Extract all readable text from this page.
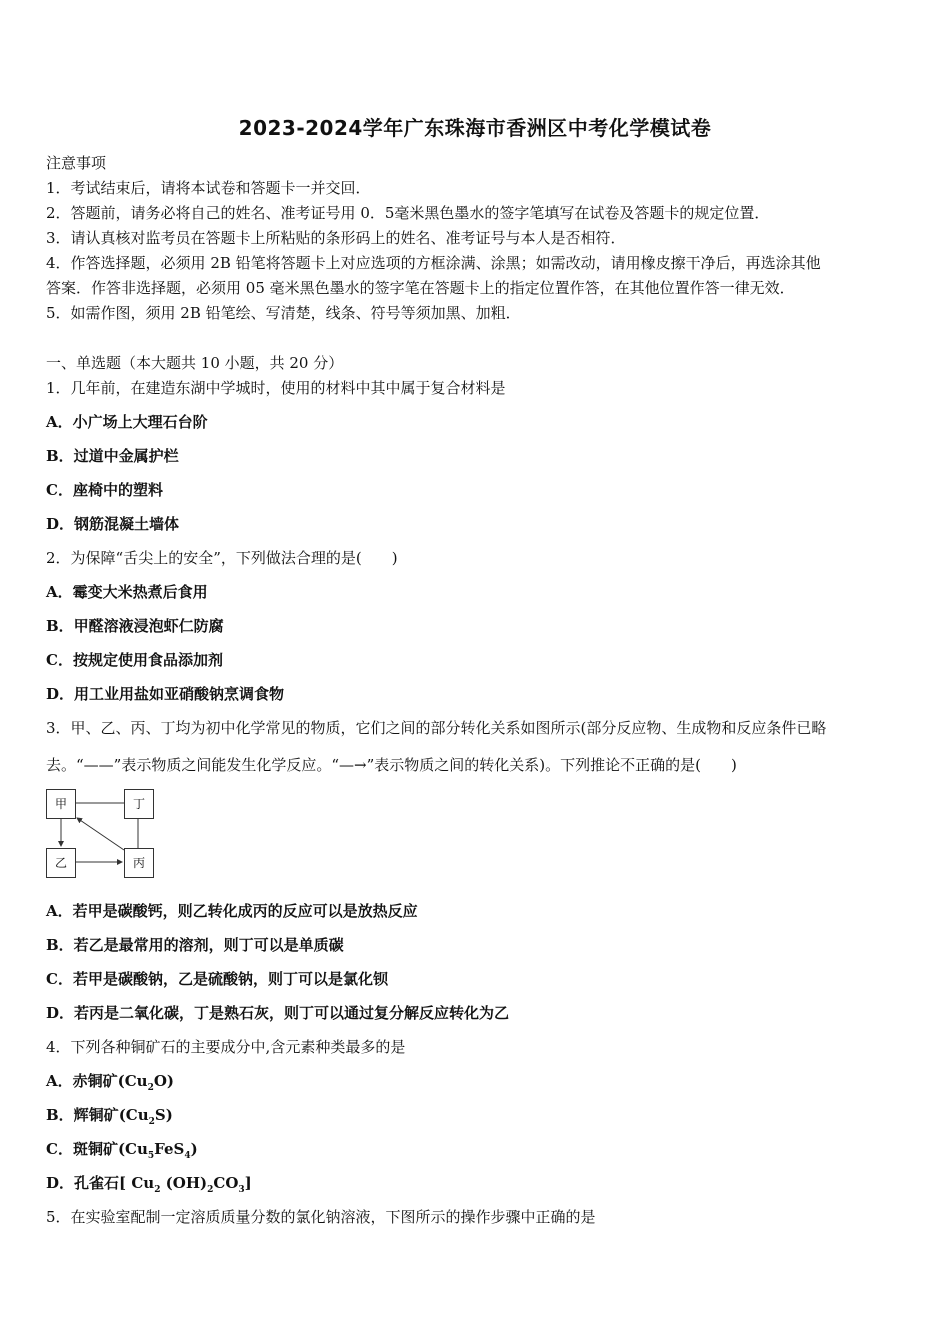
2023-2024学年广东珠海市香洲区中考化学模试卷
注意事项
1．考试结束后，请将本试卷和答题卡一并交回．
2．答题前，请务必将自己的姓名、准考证号用 0．5毫米黑色墨水的签字笔填写在试卷及答题卡的规定位置．
3．请认真核对监考员在答题卡上所粘贴的条形码上的姓名、准考证号与本人是否相符．
4．作答选择题，必须用 2B 铅笔将答题卡上对应选项的方框涂满、涂黑；如需改动，请用橡皮擦干净后，再选涂其他
答案．作答非选择题，必须用 05 毫米黑色墨水的签字笔在答题卡上的指定位置作答，在其他位置作答一律无效．
5．如需作图，须用 2B 铅笔绘、写清楚，线条、符号等须加黑、加粗．
一、单选题（本大题共 10 小题，共 20 分）
1．几年前，在建造东湖中学城时，使用的材料中其中属于复合材料是
A．小广场上大理石台阶
B．过道中金属护栏
C．座椅中的塑料
D．钢筋混凝土墙体
2．为保障“舌尖上的安全”，下列做法合理的是(　　)
A．霉变大米热煮后食用
B．甲醛溶液浸泡虾仁防腐
C．按规定使用食品添加剂
D．用工业用盐如亚硝酸钠烹调食物
3．甲、乙、丙、丁均为初中化学常见的物质，它们之间的部分转化关系如图所示(部分反应物、生成物和反应条件已略
去。“——”表示物质之间能发生化学反应。“—→”表示物质之间的转化关系)。下列推论不正确的是(　　)
甲	丁
乙	丙
A．若甲是碳酸钙，则乙转化成丙的反应可以是放热反应
B．若乙是最常用的溶剂，则丁可以是单质碳
C．若甲是碳酸钠，乙是硫酸钠，则丁可以是氯化钡
D．若丙是二氧化碳，丁是熟石灰，则丁可以通过复分解反应转化为乙
4．下列各种铜矿石的主要成分中,含元素种类最多的是
A．赤铜矿$(Cu_2O)$
B．辉铜矿$(Cu_2S)$
C．斑铜矿$(Cu_5FeS_4)$
D．孔雀石[ $Cu_2$ $(OH)_2CO_3$]
5．在实验室配制一定溶质质量分数的氯化钠溶液，下图所示的操作步骤中正确的是
